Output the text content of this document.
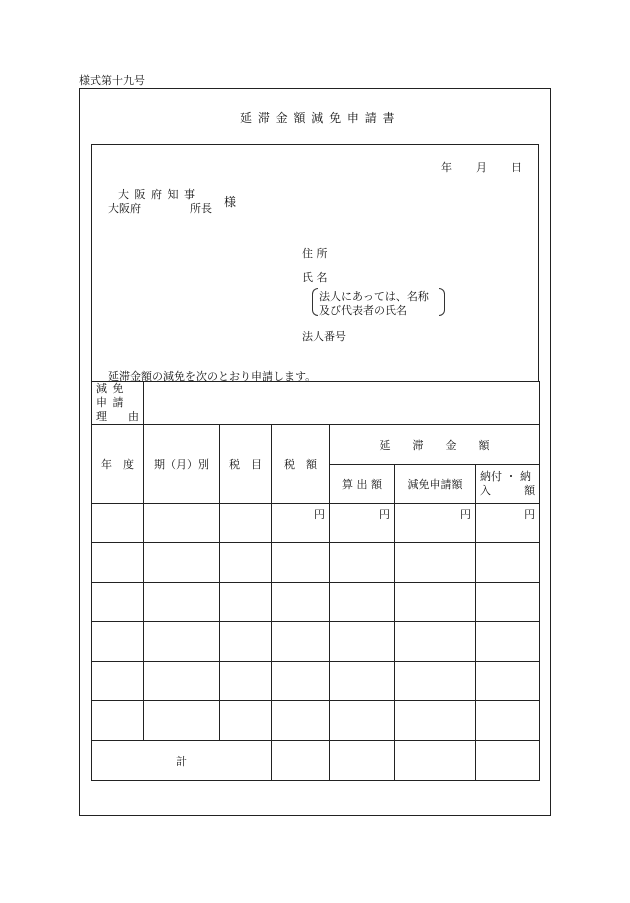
様式第十九号
延 滞 金 額 減 免 申 請 書
年 月 日
大 阪 府 知 事
大阪府	所長 様
住 所
氏 名
法人にあっては、名称
及び代表者の氏名
法人番号
延滞金額の減免を次のとおり申請します。
減 免 申 請
理 由						

年　度	期（月）別	税　目	税　額	延　　滞　　金　　額		
				算 出 額	減免申請額	納付 ・ 納
入 額

			円	円	円	円

計						
